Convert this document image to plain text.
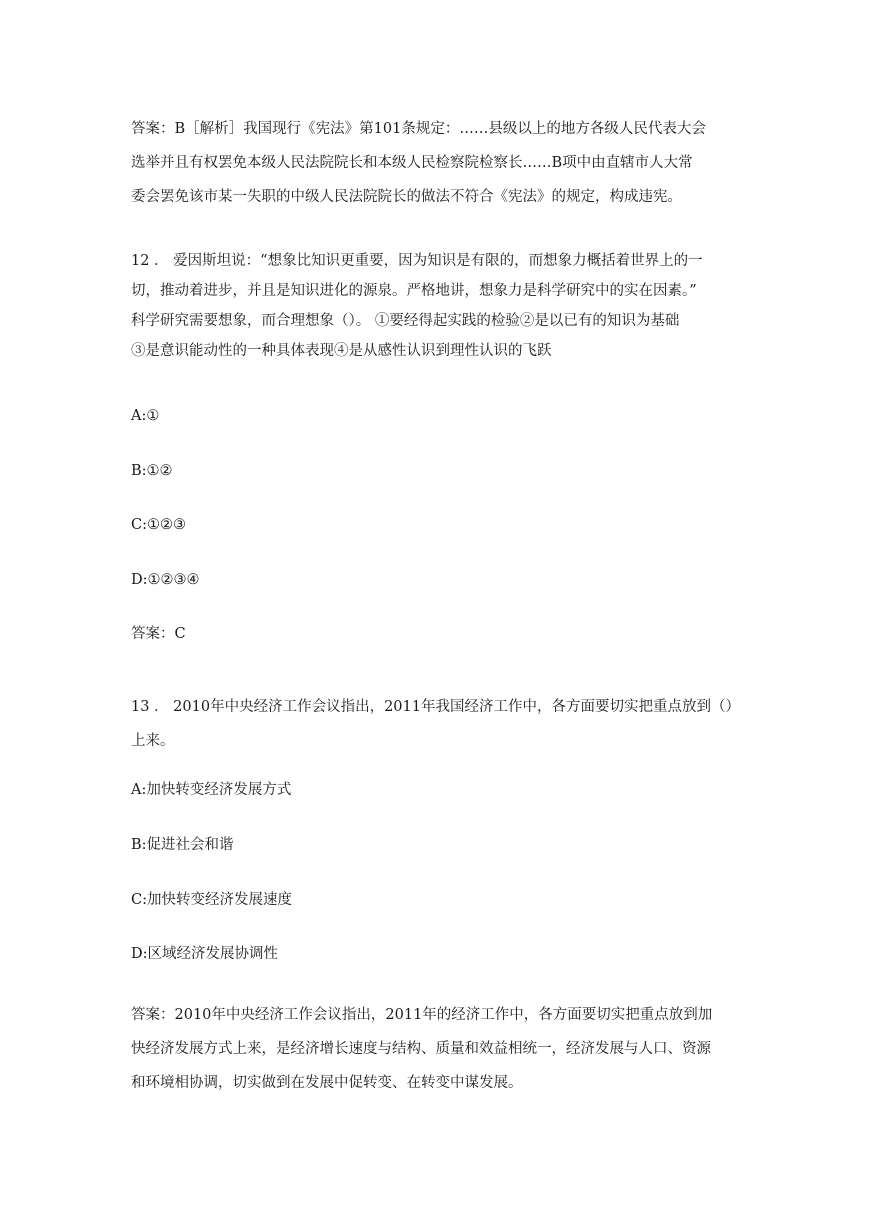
答案：B［解析］我国现行《宪法》第101条规定：……县级以上的地方各级人民代表大会
选举并且有权罢免本级人民法院院长和本级人民检察院检察长……B项中由直辖市人大常
委会罢免该市某一失职的中级人民法院院长的做法不符合《宪法》的规定，构成违宪。
12 ． 爱因斯坦说：“想象比知识更重要，因为知识是有限的，而想象力概括着世界上的一
切，推动着进步，并且是知识进化的源泉。严格地讲，想象力是科学研究中的实在因素。”
科学研究需要想象，而合理想象（）。 ①要经得起实践的检验②是以已有的知识为基础
③是意识能动性的一种具体表现④是从感性认识到理性认识的飞跃
A:①
B:①②
C:①②③
D:①②③④
答案：C
13 ． 2010年中央经济工作会议指出，2011年我国经济工作中，各方面要切实把重点放到（）
上来。
A:加快转变经济发展方式
B:促进社会和谐
C:加快转变经济发展速度
D:区域经济发展协调性
答案：2010年中央经济工作会议指出，2011年的经济工作中，各方面要切实把重点放到加
快经济发展方式上来，是经济增长速度与结构、质量和效益相统一，经济发展与人口、资源
和环境相协调，切实做到在发展中促转变、在转变中谋发展。
